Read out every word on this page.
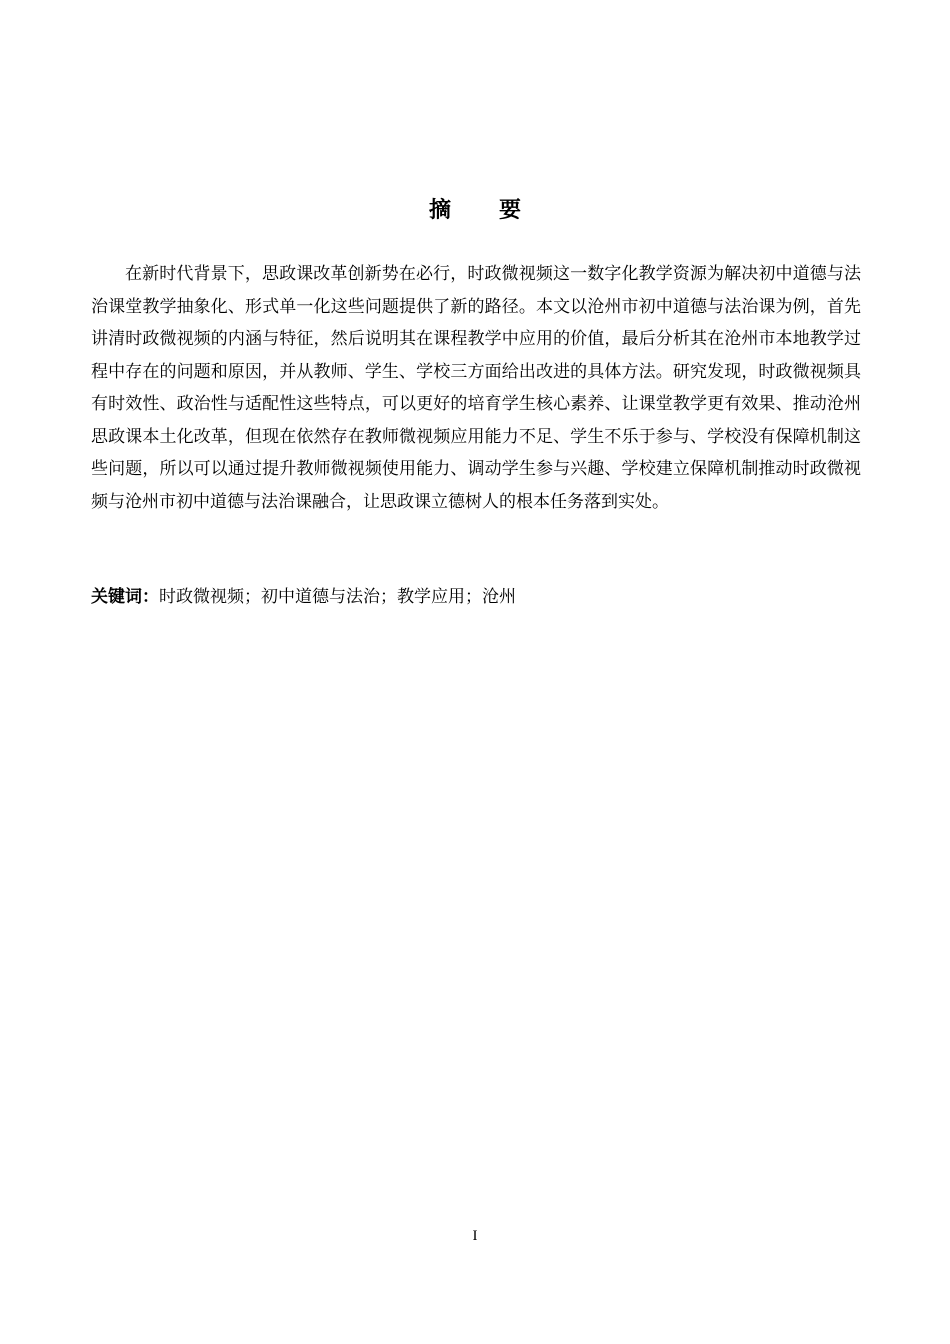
摘 要

在新时代背景下，思政课改革创新势在必行，时政微视频这一数字化教学资源为解决初中道德与法治课堂教学抽象化、形式单一化这些问题提供了新的路径。本文以沧州市初中道德与法治课为例，首先讲清时政微视频的内涵与特征，然后说明其在课程教学中应用的价值，最后分析其在沧州市本地教学过程中存在的问题和原因，并从教师、学生、学校三方面给出改进的具体方法。研究发现，时政微视频具有时效性、政治性与适配性这些特点，可以更好的培育学生核心素养、让课堂教学更有效果、推动沧州思政课本土化改革，但现在依然存在教师微视频应用能力不足、学生不乐于参与、学校没有保障机制这些问题，所以可以通过提升教师微视频使用能力、调动学生参与兴趣、学校建立保障机制推动时政微视频与沧州市初中道德与法治课融合，让思政课立德树人的根本任务落到实处。

关键词：时政微视频；初中道德与法治；教学应用；沧州
I
